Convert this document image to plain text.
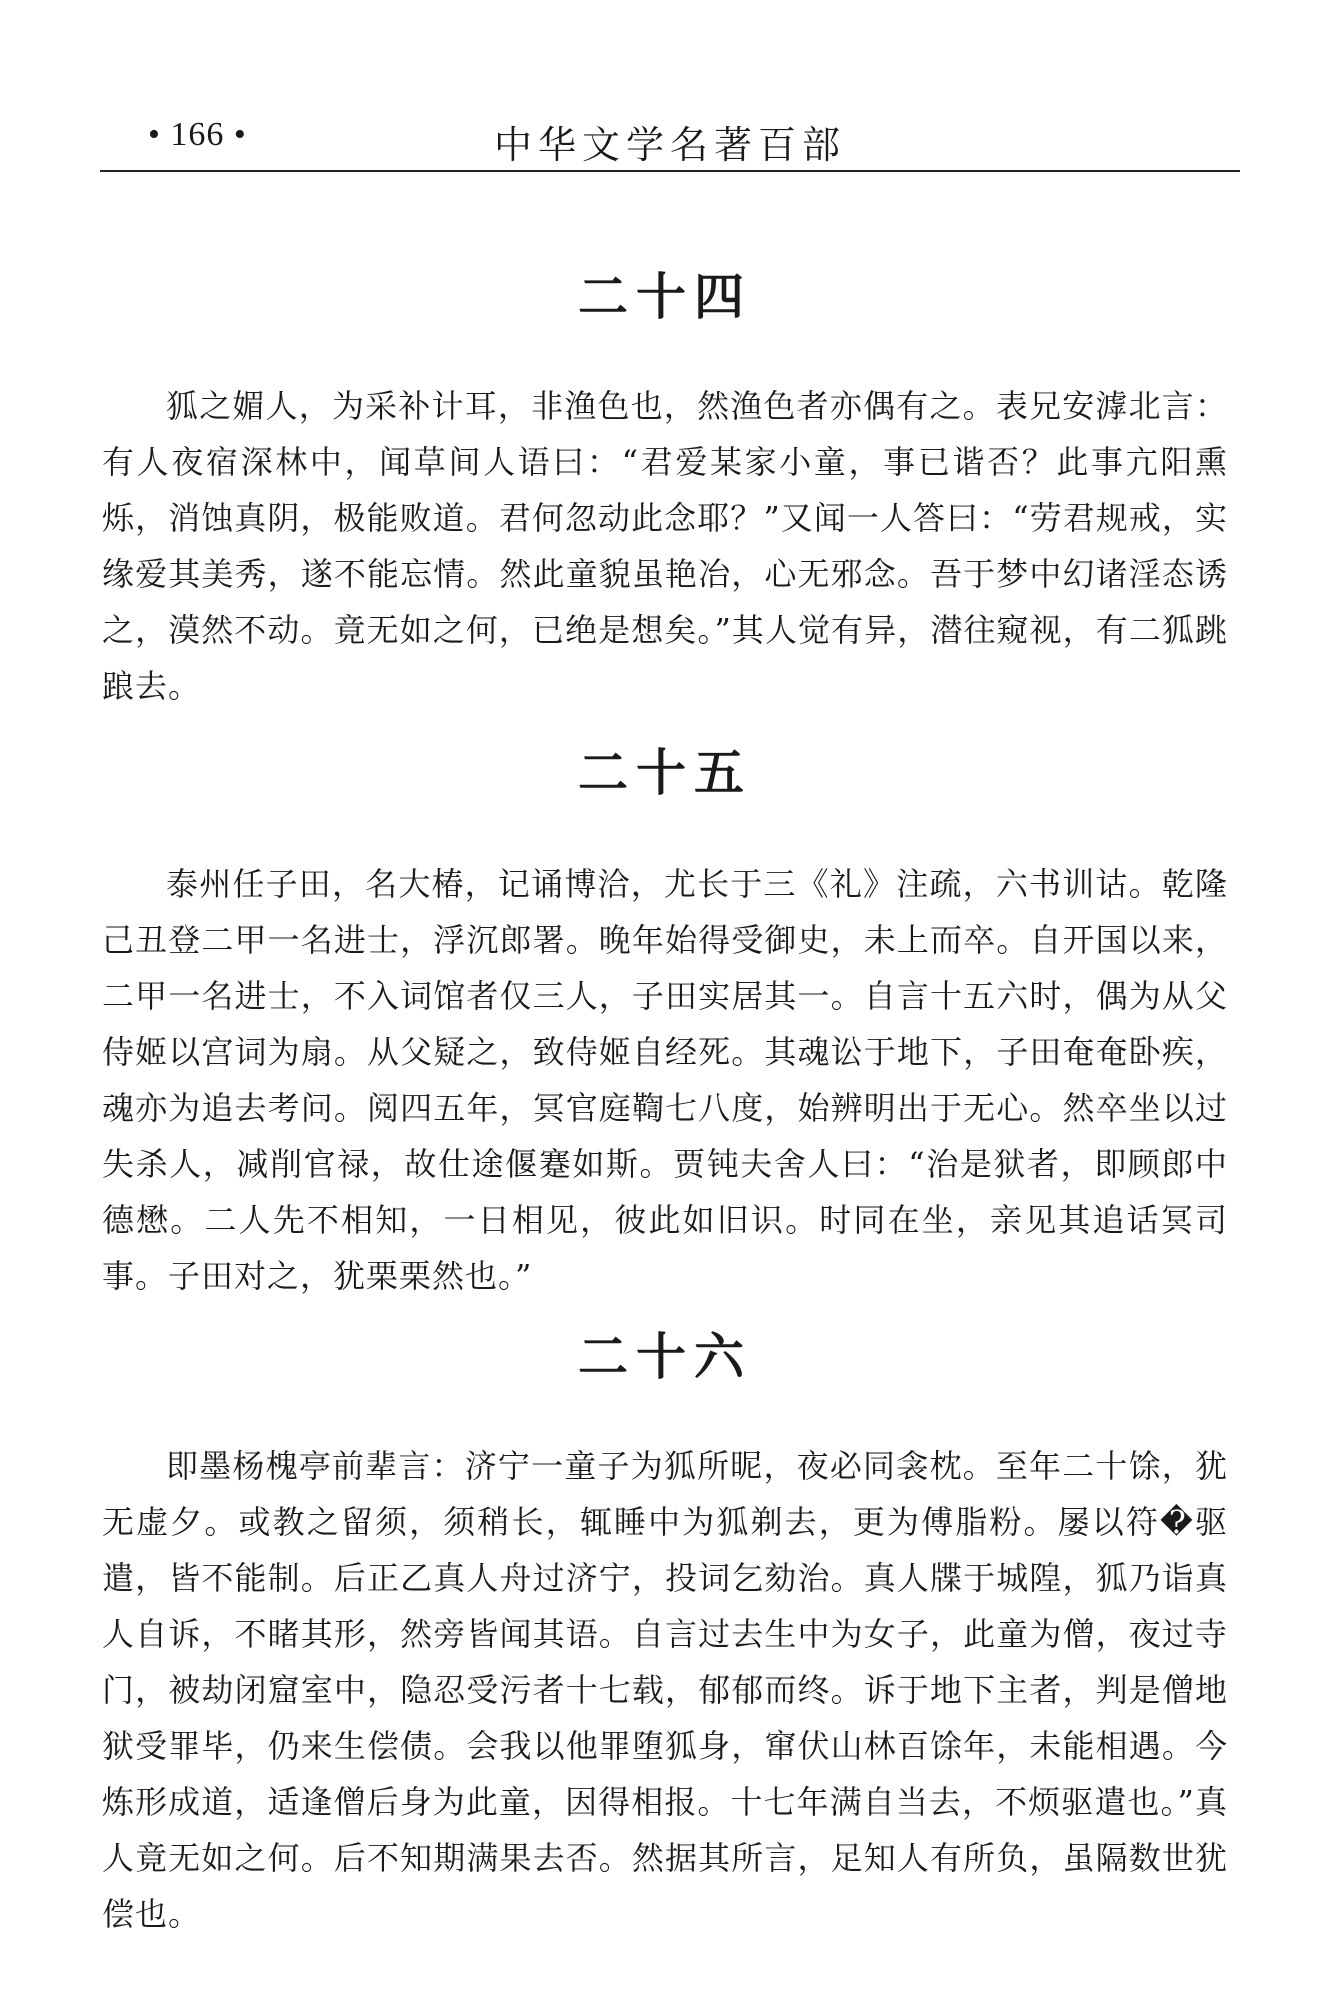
• 166 •	中华文学名著百部
二十四

狐之媚人，为采补计耳，非渔色也，然渔色者亦偶有之。表兄安滹北言：有人夜宿深林中，闻草间人语曰：“君爱某家小童，事已谐否？此事亢阳熏烁，消蚀真阴，极能败道。君何忽动此念耶？”又闻一人答曰：“劳君规戒，实缘爱其美秀，遂不能忘情。然此童貌虽艳冶，心无邪念。吾于梦中幻诸淫态诱之，漠然不动。竟无如之何，已绝是想矣。”其人觉有异，潜往窥视，有二狐跳踉去。

二十五

泰州任子田，名大椿，记诵博洽，尤长于三《礼》注疏，六书训诂。乾隆己丑登二甲一名进士，浮沉郎署。晚年始得受御史，未上而卒。自开国以来，二甲一名进士，不入词馆者仅三人，子田实居其一。自言十五六时，偶为从父侍姬以宫词为扇。从父疑之，致侍姬自经死。其魂讼于地下，子田奄奄卧疾，魂亦为追去考问。阅四五年，冥官庭鞫七八度，始辨明出于无心。然卒坐以过失杀人，减削官禄，故仕途偃蹇如斯。贾钝夫舍人曰：“治是狱者，即顾郎中德懋。二人先不相知，一日相见，彼此如旧识。时同在坐，亲见其追话冥司事。子田对之，犹栗栗然也。”

二十六

即墨杨槐亭前辈言：济宁一童子为狐所昵，夜必同衾枕。至年二十馀，犹无虚夕。或教之留须，须稍长，辄睡中为狐剃去，更为傅脂粉。屡以符�驱遣，皆不能制。后正乙真人舟过济宁，投词乞劾治。真人牒于城隍，狐乃诣真人自诉，不睹其形，然旁皆闻其语。自言过去生中为女子，此童为僧，夜过寺门，被劫闭窟室中，隐忍受污者十七载，郁郁而终。诉于地下主者，判是僧地狱受罪毕，仍来生偿债。会我以他罪堕狐身，窜伏山林百馀年，未能相遇。今炼形成道，适逢僧后身为此童，因得相报。十七年满自当去，不烦驱遣也。”真人竟无如之何。后不知期满果去否。然据其所言，足知人有所负，虽隔数世犹偿也。
